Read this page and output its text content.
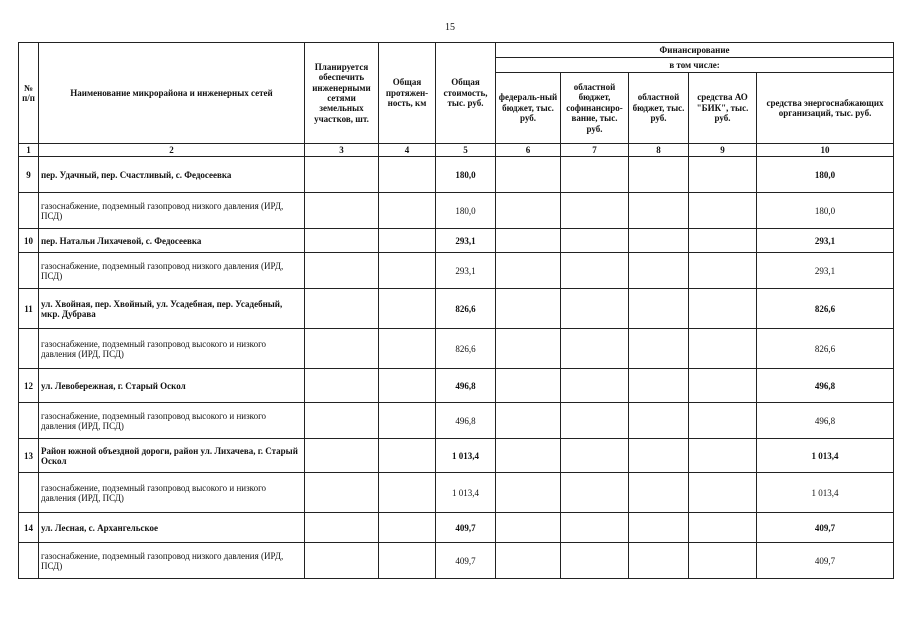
15
№ п/п	Наименование микрорайона и инженерных сетей	Планируется обеспечить инженерными сетями земельных участков, шт.	Общая протяжен-ность, км	Общая стоимость, тыс. руб.	Финансирование				
					в том числе:				
					федераль-ный бюджет, тыс. руб.	областной бюджет, софинансиро-вание, тыс. руб.	областной бюджет, тыс. руб.	средства АО "БИК", тыс. руб.	средства энергоснабжающих организаций, тыс. руб.
1	2	3	4	5	6	7	8	9	10
9	пер. Удачный, пер. Счастливый, с. Федосеевка			180,0					180,0
	газоснабжение, подземный газопровод низкого давления (ИРД, ПСД)			180,0					180,0
10	пер. Натальи Лихачевой, с. Федосеевка			293,1					293,1
	газоснабжение, подземный газопровод низкого давления (ИРД, ПСД)			293,1					293,1
11	ул. Хвойная, пер. Хвойный, ул. Усадебная, пер. Усадебный, мкр. Дубрава			826,6					826,6
	газоснабжение, подземный газопровод высокого и низкого давления (ИРД, ПСД)			826,6					826,6
12	ул. Левобережная, г. Старый Оскол			496,8					496,8
	газоснабжение, подземный газопровод высокого и низкого давления (ИРД, ПСД)			496,8					496,8
13	Район южной объездной дороги, район ул. Лихачева, г. Старый Оскол			1 013,4					1 013,4
	газоснабжение, подземный газопровод высокого и низкого давления (ИРД, ПСД)			1 013,4					1 013,4
14	ул. Лесная, с. Архангельское			409,7					409,7
	газоснабжение, подземный газопровод низкого давления (ИРД, ПСД)			409,7					409,7
